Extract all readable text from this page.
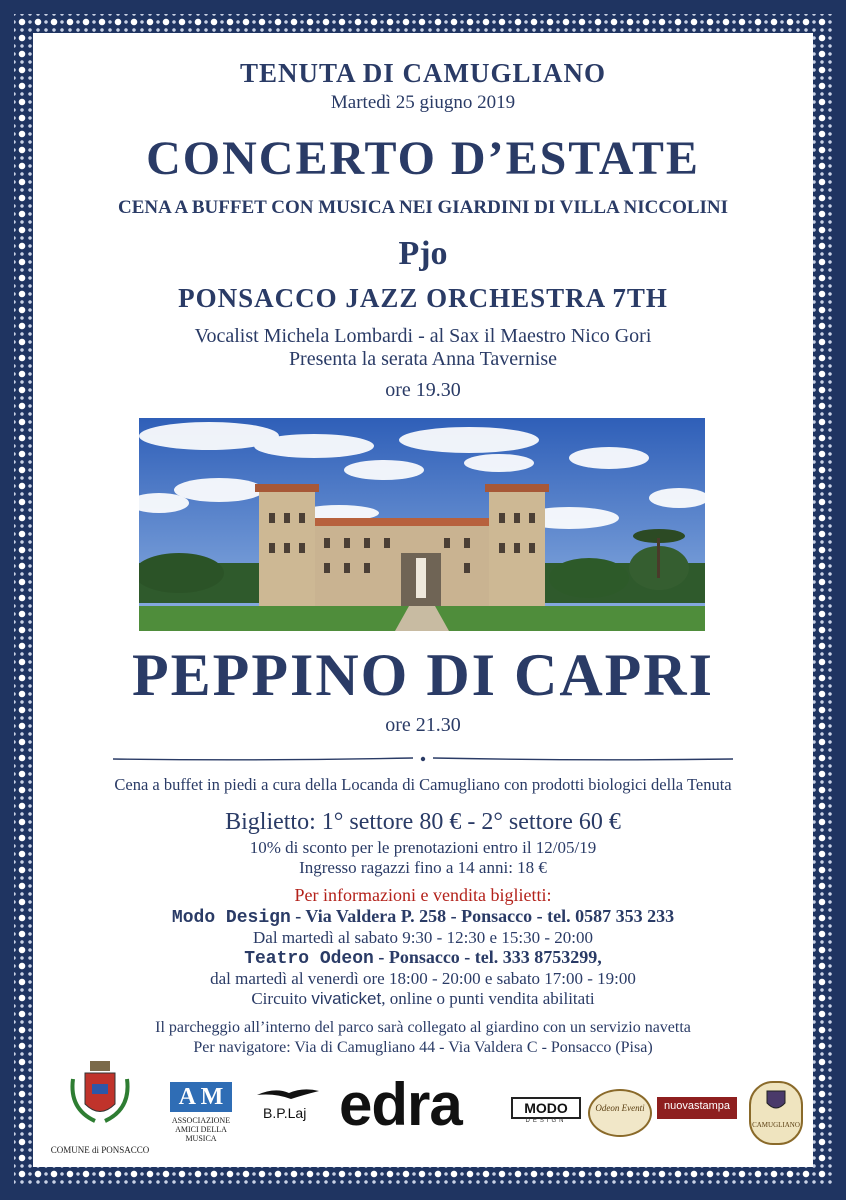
TENUTA DI CAMUGLIANO
Martedì 25 giugno 2019
CONCERTO D’ESTATE
CENA A BUFFET CON MUSICA NEI GIARDINI DI VILLA NICCOLINI
Pjo
PONSACCO JAZZ ORCHESTRA 7TH
Vocalist Michela Lombardi - al Sax il Maestro Nico Gori
Presenta la serata Anna Tavernise
ore 19.30
PEPPINO DI CAPRI
ore 21.30
Cena a buffet in piedi a cura della Locanda di Camugliano con prodotti biologici della Tenuta
Biglietto: 1° settore 80 € - 2° settore 60 €
10% di sconto per le prenotazioni entro il 12/05/19
Ingresso ragazzi fino a 14 anni: 18 €
Per informazioni e vendita biglietti:
Modo Design - Via Valdera P. 258 - Ponsacco - tel. 0587 353 233
Dal martedì al sabato 9:30 - 12:30 e 15:30 - 20:00
Teatro Odeon - Ponsacco - tel. 333 8753299,
dal martedì al venerdì ore 18:00 - 20:00 e sabato 17:00 - 19:00
Circuito vivaticket, online o punti vendita abilitati
Il parcheggio all’interno del parco sarà collegato al giardino con un servizio navetta
Per navigatore: Via di Camugliano 44 - Via Valdera C - Ponsacco (Pisa)
COMUNE di PONSACCO
A M
ASSOCIAZIONE AMICI DELLA MUSICA
B.P.Laj edra	MODO
DESIGN
Odeon Eventi	nuovastampa
CAMUGLIANO
